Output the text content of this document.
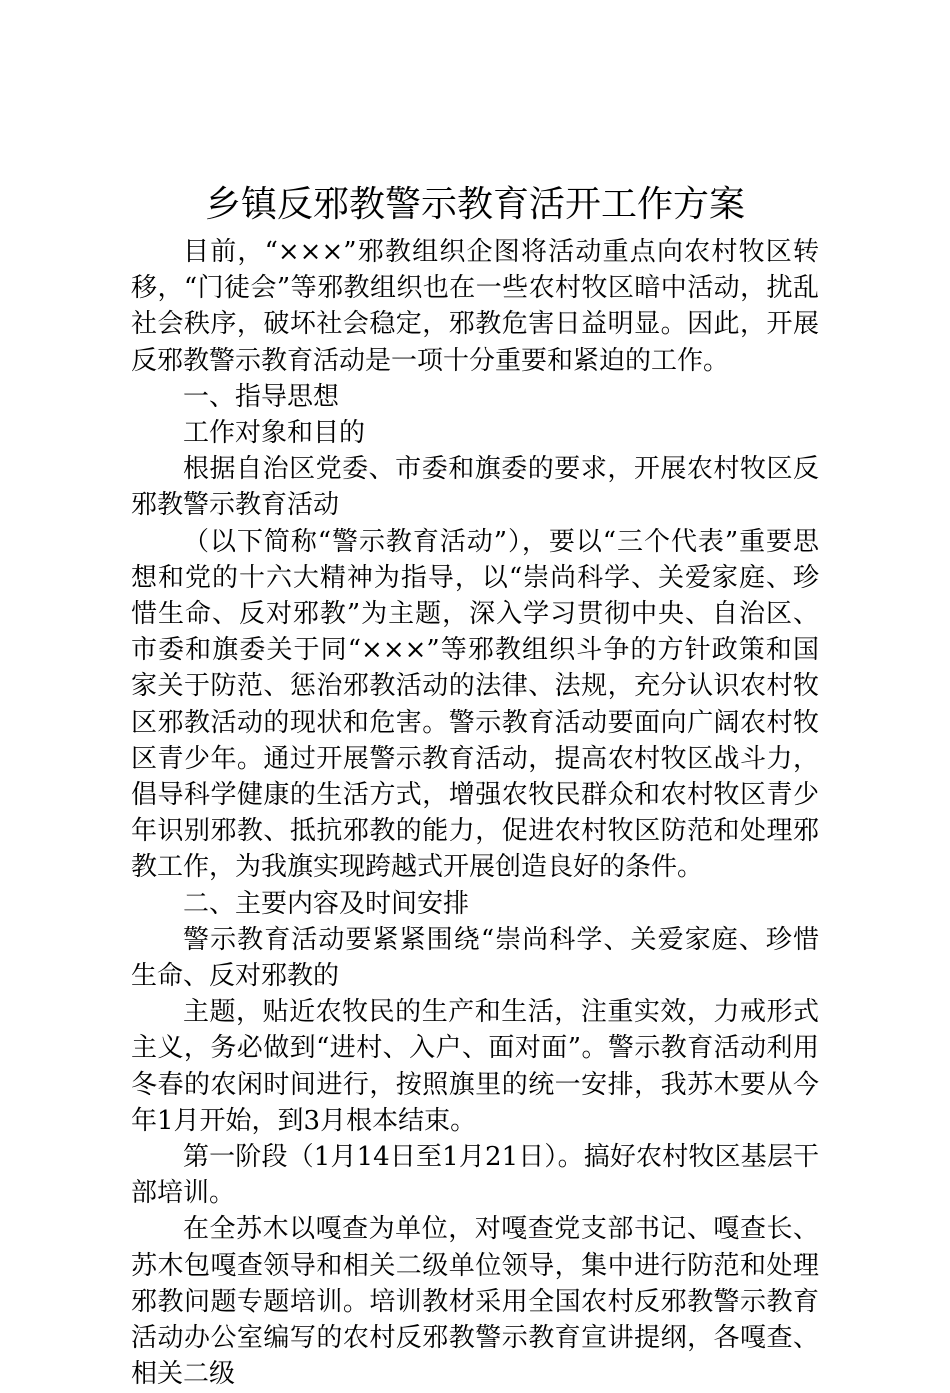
乡镇反邪教警示教育活开工作方案

目前，“×××”邪教组织企图将活动重点向农村牧区转移，“门徒会”等邪教组织也在一些农村牧区暗中活动，扰乱社会秩序，破坏社会稳定，邪教危害日益明显。因此，开展反邪教警示教育活动是一项十分重要和紧迫的工作。

一、指导思想

工作对象和目的

根据自治区党委、市委和旗委的要求，开展农村牧区反邪教警示教育活动

（以下简称“警示教育活动”），要以“三个代表”重要思想和党的十六大精神为指导，以“崇尚科学、关爱家庭、珍惜生命、反对邪教”为主题，深入学习贯彻中央、自治区、市委和旗委关于同“×××”等邪教组织斗争的方针政策和国家关于防范、惩治邪教活动的法律、法规，充分认识农村牧区邪教活动的现状和危害。警示教育活动要面向广阔农村牧区青少年。通过开展警示教育活动，提高农村牧区战斗力，倡导科学健康的生活方式，增强农牧民群众和农村牧区青少年识别邪教、抵抗邪教的能力，促进农村牧区防范和处理邪教工作，为我旗实现跨越式开展创造良好的条件。

二、主要内容及时间安排

警示教育活动要紧紧围绕“崇尚科学、关爱家庭、珍惜生命、反对邪教的

主题，贴近农牧民的生产和生活，注重实效，力戒形式主义，务必做到“进村、入户、面对面”。警示教育活动利用冬春的农闲时间进行，按照旗里的统一安排，我苏木要从今年1月开始，到3月根本结束。

第一阶段（1月14日至1月21日）。搞好农村牧区基层干部培训。

在全苏木以嘎查为单位，对嘎查党支部书记、嘎查长、苏木包嘎查领导和相关二级单位领导，集中进行防范和处理邪教问题专题培训。培训教材采用全国农村反邪教警示教育活动办公室编写的农村反邪教警示教育宣讲提纲，各嘎查、相关二级
